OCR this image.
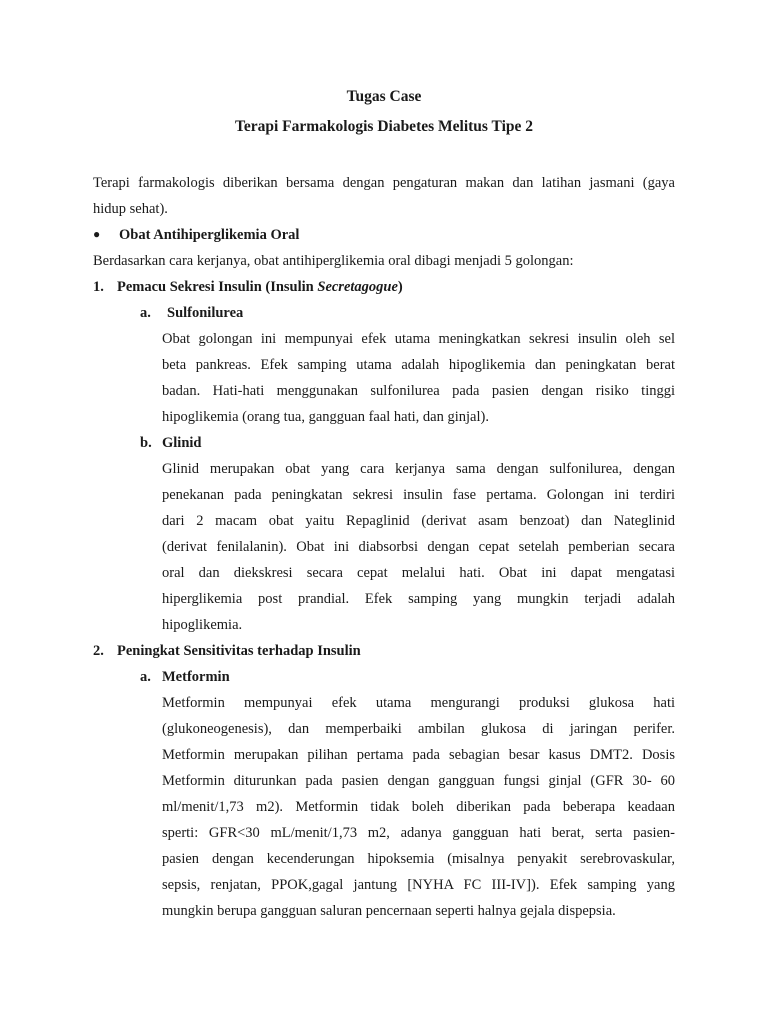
Tugas Case
Terapi Farmakologis Diabetes Melitus Tipe 2
Terapi farmakologis diberikan bersama dengan pengaturan makan dan latihan jasmani (gaya
hidup sehat).
● Obat Antihiperglikemia Oral
Berdasarkan cara kerjanya, obat antihiperglikemia oral dibagi menjadi 5 golongan:
1. Pemacu Sekresi Insulin (Insulin Secretagogue)
a. Sulfonilurea
Obat golongan ini mempunyai efek utama meningkatkan sekresi insulin oleh sel
beta pankreas. Efek samping utama adalah hipoglikemia dan peningkatan berat
badan. Hati-hati menggunakan sulfonilurea pada pasien dengan risiko tinggi
hipoglikemia (orang tua, gangguan faal hati, dan ginjal).
b. Glinid
Glinid merupakan obat yang cara kerjanya sama dengan sulfonilurea, dengan
penekanan pada peningkatan sekresi insulin fase pertama. Golongan ini terdiri
dari 2 macam obat yaitu Repaglinid (derivat asam benzoat) dan Nateglinid
(derivat fenilalanin). Obat ini diabsorbsi dengan cepat setelah pemberian secara
oral dan diekskresi secara cepat melalui hati. Obat ini dapat mengatasi
hiperglikemia post prandial. Efek samping yang mungkin terjadi adalah
hipoglikemia.
2. Peningkat Sensitivitas terhadap Insulin
a. Metformin
Metformin mempunyai efek utama mengurangi produksi glukosa hati
(glukoneogenesis), dan memperbaiki ambilan glukosa di jaringan perifer.
Metformin merupakan pilihan pertama pada sebagian besar kasus DMT2. Dosis
Metformin diturunkan pada pasien dengan gangguan fungsi ginjal (GFR 30- 60
ml/menit/1,73 m2). Metformin tidak boleh diberikan pada beberapa keadaan
sperti: GFR<30 mL/menit/1,73 m2, adanya gangguan hati berat, serta pasien-
pasien dengan kecenderungan hipoksemia (misalnya penyakit serebrovaskular,
sepsis, renjatan, PPOK,gagal jantung [NYHA FC III-IV]). Efek samping yang
mungkin berupa gangguan saluran pencernaan seperti halnya gejala dispepsia.
